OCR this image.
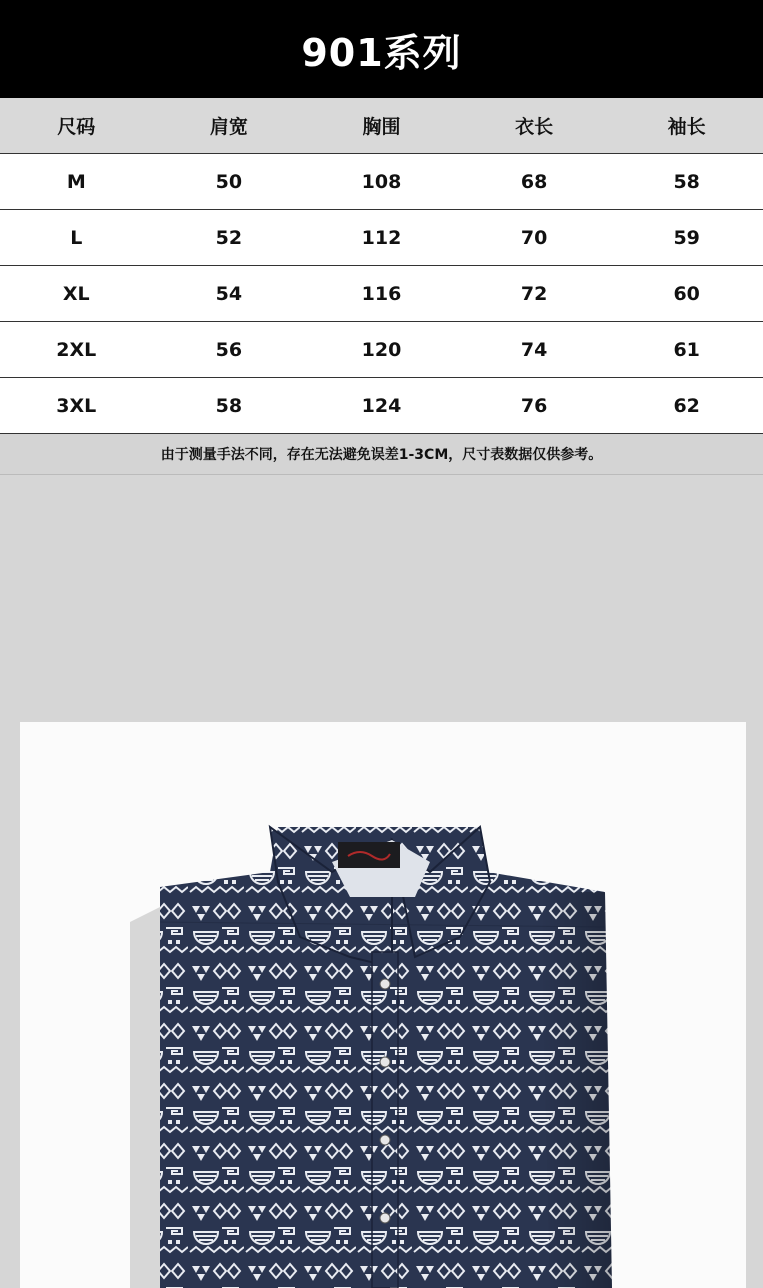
901系列
尺码	肩宽	胸围	衣长	袖长
M	50	108	68	58
L	52	112	70	59
XL	54	116	72	60
2XL	56	120	74	61
3XL	58	124	76	62
由于测量手法不同，存在无法避免误差1-3CM，尺寸表数据仅供参考。
